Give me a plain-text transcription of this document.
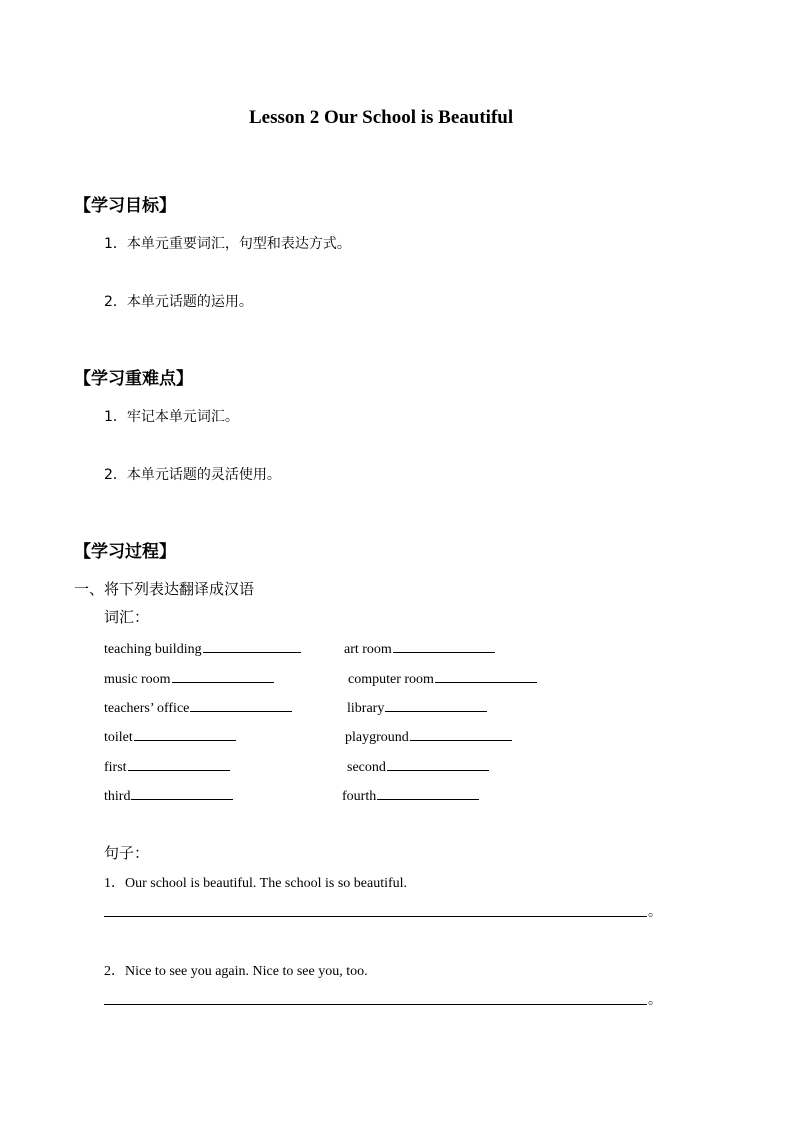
Lesson 2 Our School is Beautiful
【学习目标】
1．本单元重要词汇，句型和表达方式。
2．本单元话题的运用。
【学习重难点】
1．牢记本单元词汇。
2．本单元话题的灵活使用。
【学习过程】
一、将下列表达翻译成汉语
词汇：
teaching building	art room
music room	computer room
teachers’ office	library
toilet	playground
first	second
third	fourth
句子：
1．Our school is beautiful. The school is so beautiful.
。
2．Nice to see you again. Nice to see you, too.
。
